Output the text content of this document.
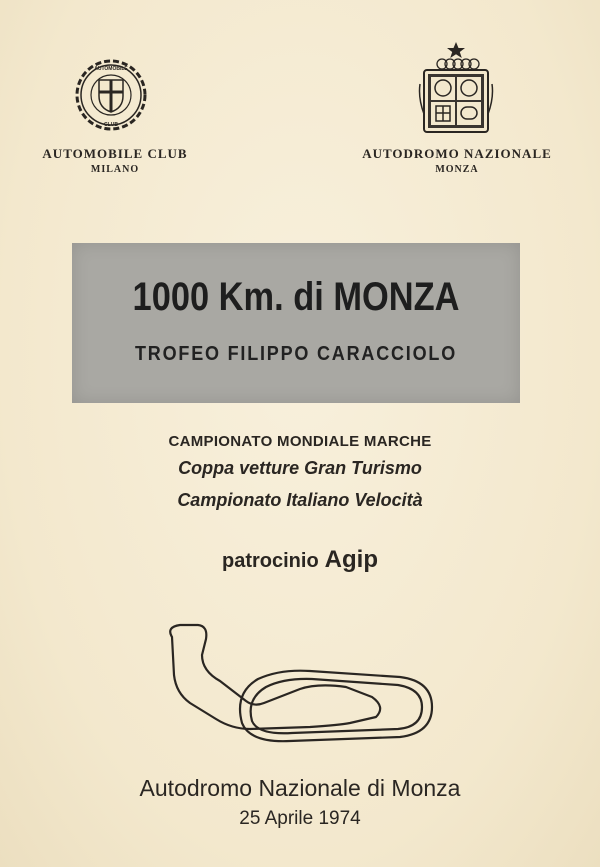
AUTOMOBILE
CLUB
AUTOMOBILE CLUB
MILANO
AUTODROMO NAZIONALE
MONZA
1000 Km. di MONZA
TROFEO FILIPPO CARACCIOLO
CAMPIONATO MONDIALE MARCHE
Coppa vetture Gran Turismo
Campionato Italiano Velocità
patrocinio Agip
Autodromo Nazionale di Monza
25 Aprile 1974
